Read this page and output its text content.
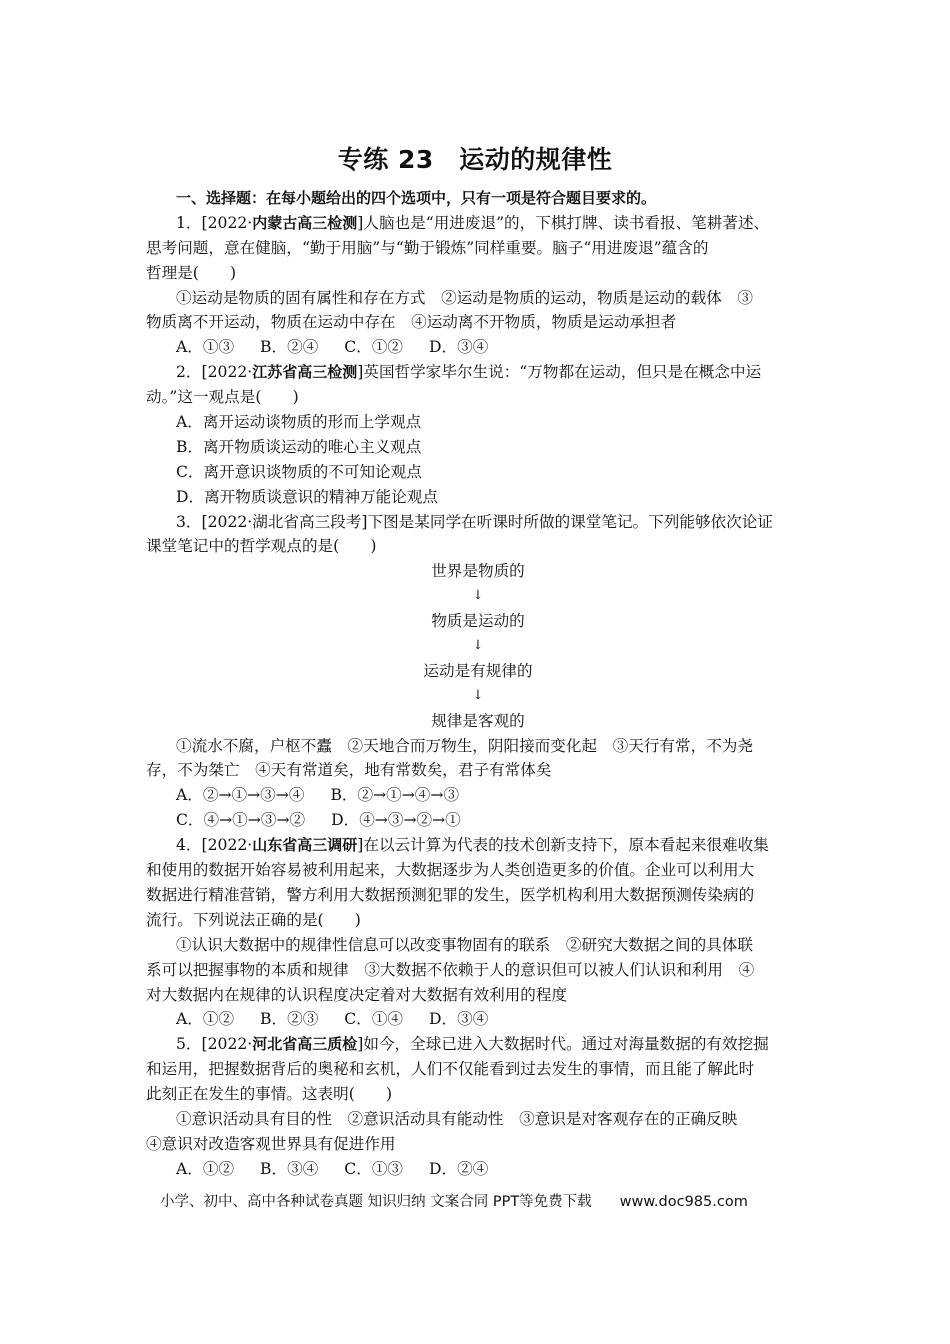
专练 23　运动的规律性
一、选择题：在每小题给出的四个选项中，只有一项是符合题目要求的。
1．[2022·内蒙古高三检测]人脑也是“用进废退”的，下棋打牌、读书看报、笔耕著述、
思考问题，意在健脑，“勤于用脑”与“勤于锻炼”同样重要。脑子“用进废退”蕴含的
哲理是(　　)
①运动是物质的固有属性和存在方式　②运动是物质的运动，物质是运动的载体　③
物质离不开运动，物质在运动中存在　④运动离不开物质，物质是运动承担者
A．①③ B．②④ C．①② D．③④
2．[2022·江苏省高三检测]英国哲学家毕尔生说：“万物都在运动，但只是在概念中运
动。”这一观点是(　　)
A．离开运动谈物质的形而上学观点
B．离开物质谈运动的唯心主义观点
C．离开意识谈物质的不可知论观点
D．离开物质谈意识的精神万能论观点
3．[2022·湖北省高三段考]下图是某同学在听课时所做的课堂笔记。下列能够依次论证
课堂笔记中的哲学观点的是(　　)
世界是物质的
↓
物质是运动的
↓
运动是有规律的
↓
规律是客观的
①流水不腐，户枢不蠹　②天地合而万物生，阴阳接而变化起　③天行有常，不为尧
存，不为桀亡　④天有常道矣，地有常数矣，君子有常体矣
A．②→①→③→④ B．②→①→④→③
C．④→①→③→② D．④→③→②→①
4．[2022·山东省高三调研]在以云计算为代表的技术创新支持下，原本看起来很难收集
和使用的数据开始容易被利用起来，大数据逐步为人类创造更多的价值。企业可以利用大
数据进行精准营销，警方利用大数据预测犯罪的发生，医学机构利用大数据预测传染病的
流行。下列说法正确的是(　　)
①认识大数据中的规律性信息可以改变事物固有的联系　②研究大数据之间的具体联
系可以把握事物的本质和规律　③大数据不依赖于人的意识但可以被人们认识和利用　④
对大数据内在规律的认识程度决定着对大数据有效利用的程度
A．①② B．②③ C．①④ D．③④
5．[2022·河北省高三质检]如今，全球已进入大数据时代。通过对海量数据的有效挖掘
和运用，把握数据背后的奥秘和玄机，人们不仅能看到过去发生的事情，而且能了解此时
此刻正在发生的事情。这表明(　　)
①意识活动具有目的性　②意识活动具有能动性　③意识是对客观存在的正确反映
④意识对改造客观世界具有促进作用
A．①② B．③④ C．①③ D．②④
小学、初中、高中各种试卷真题 知识归纳 文案合同 PPT等免费下载 www.doc985.com
